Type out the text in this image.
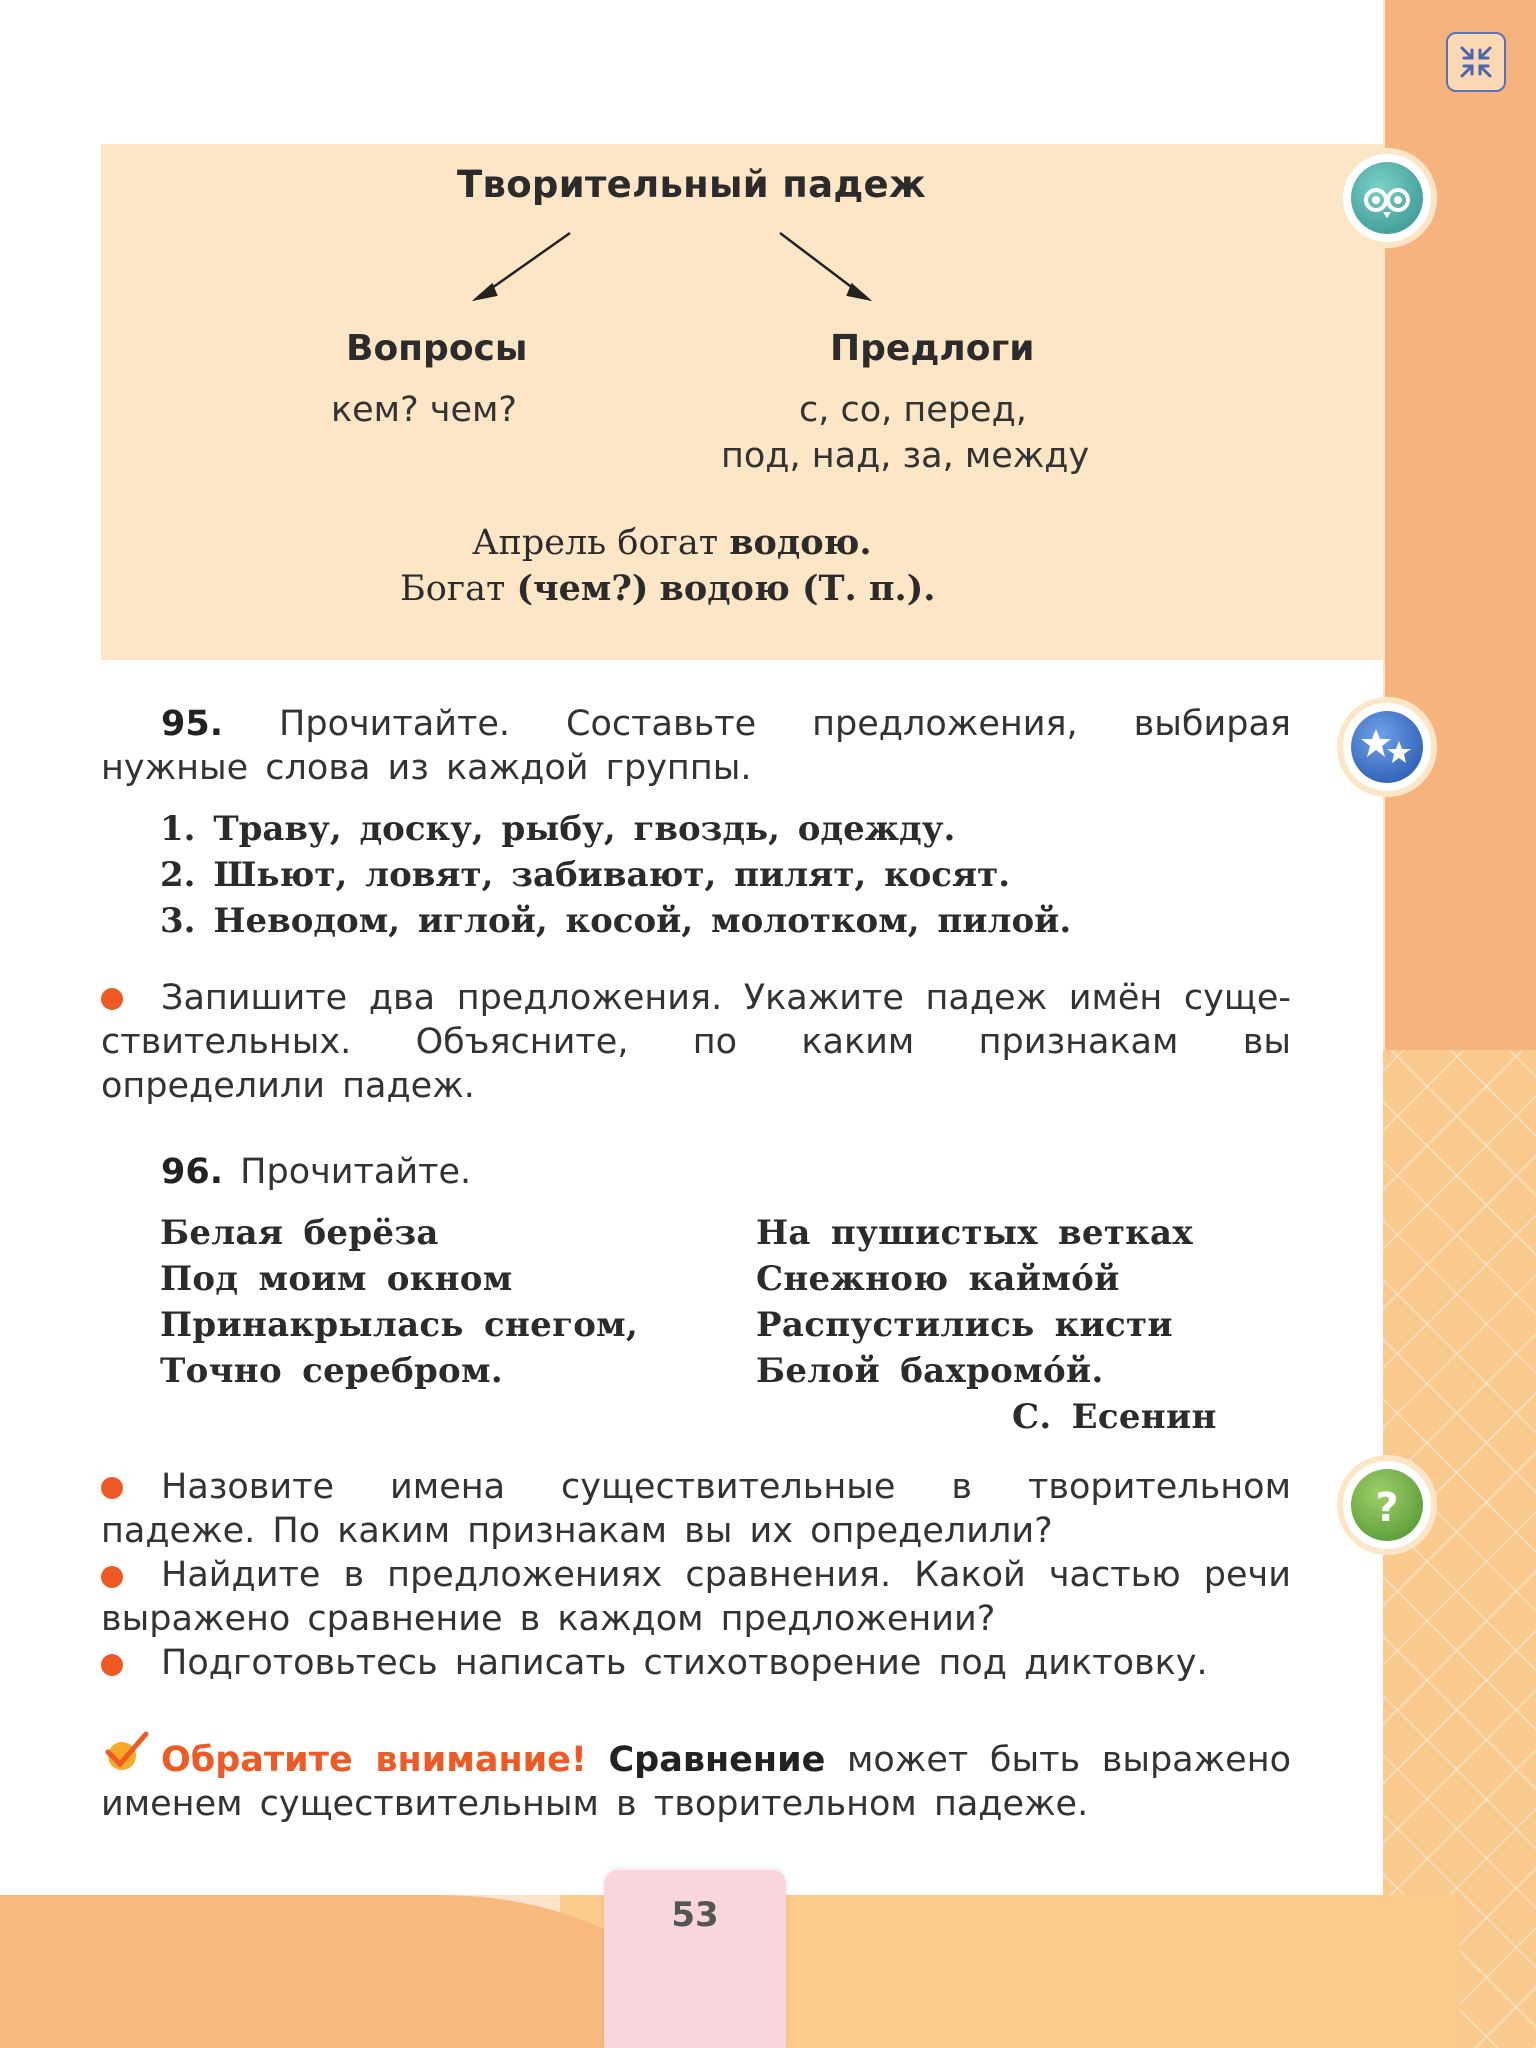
Творительный падеж
Вопросы
кем? чем?
Предлоги
с, со, перед,
под, над, за, между
Апрель богат водою.
Богат (чем?) водою (Т. п.).
?
95. Прочитайте. Составьте предложения, выбирая нужные слова из каждой группы.
1. Траву, доску, рыбу, гвоздь, одежду.
2. Шьют, ловят, забивают, пилят, косят.
3. Неводом, иглой, косой, молотком, пилой.
Запишите два предложения. Укажите падеж имён суще- ствительных. Объясните, по каким признакам вы определили падеж.
96. Прочитайте.
Белая берёза
Под моим окном
Принакрылась снегом,
Точно серебром.
На пушистых ветках
Снежною каймóй
Распустились кисти
Белой бахромóй.
С. Есенин
Назовите имена существительные в творительном падеже. По каким признакам вы их определили?
Найдите в предложениях сравнения. Какой частью речи выражено сравнение в каждом предложении?
Подготовьтесь написать стихотворение под диктовку.
Обратите внимание! Сравнение может быть выражено именем существительным в творительном падеже.
53
